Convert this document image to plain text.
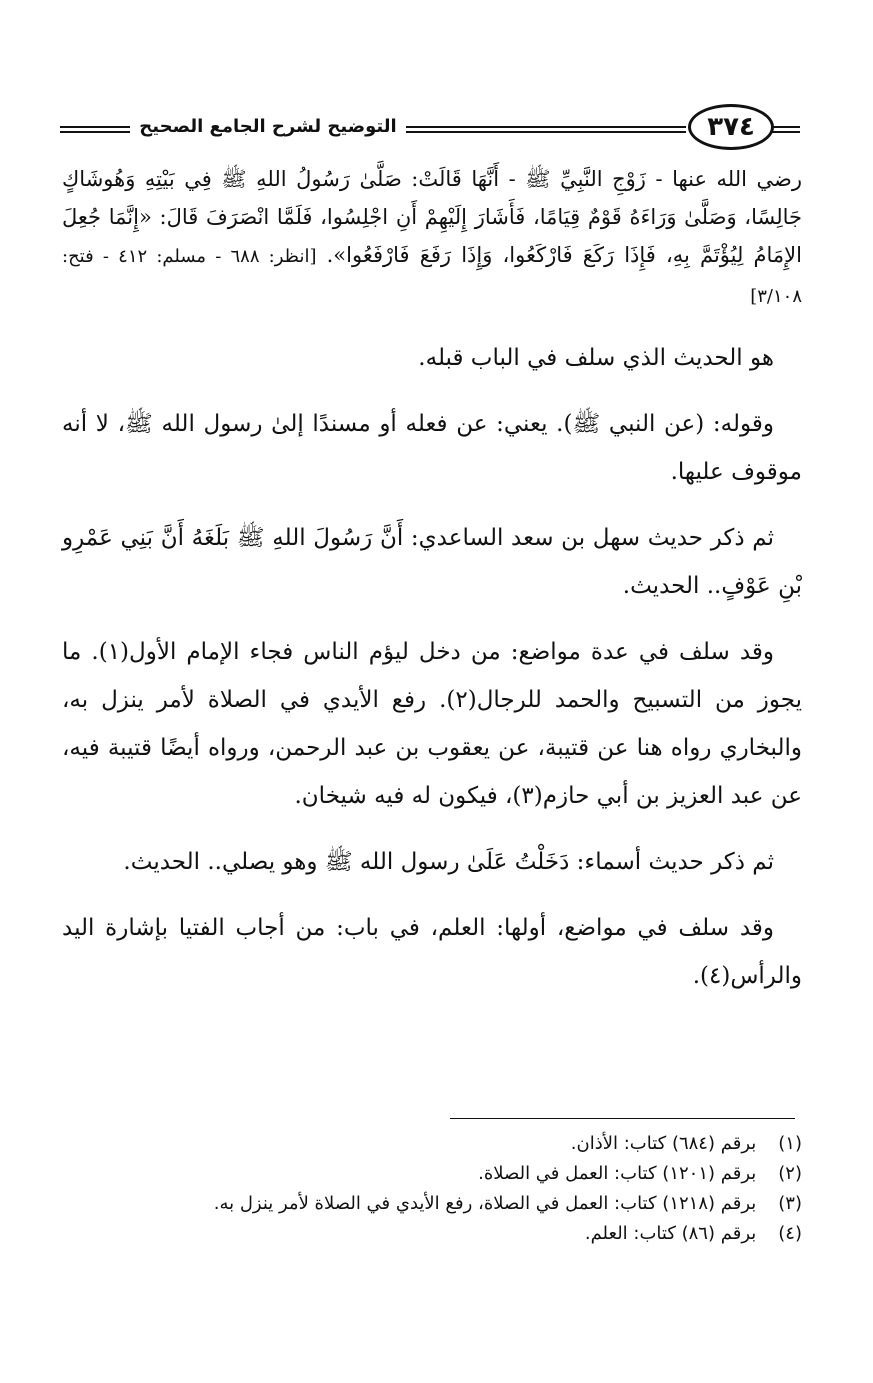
التوضيح لشرح الجامع الصحيح	٣٧٤

رضي الله عنها - زَوْجِ النَّبِيِّ ﷺ - أَنَّهَا قَالَتْ: صَلَّىٰ رَسُولُ اللهِ ﷺ فِي بَيْتِهِ وَهُوشَاكٍ جَالِسًا، وَصَلَّىٰ وَرَاءَهُ قَوْمٌ قِيَامًا، فَأَشَارَ إِلَيْهِمْ أَنِ اجْلِسُوا، فَلَمَّا انْصَرَفَ قَالَ: «إِنَّمَا جُعِلَ الإِمَامُ لِيُؤْتَمَّ بِهِ، فَإِذَا رَكَعَ فَارْكَعُوا، وَإِذَا رَفَعَ فَارْفَعُوا». [انظر: ٦٨٨ - مسلم: ٤١٢ - فتح: ٣/١٠٨]

هو الحديث الذي سلف في الباب قبله.

وقوله: (عن النبي ﷺ). يعني: عن فعله أو مسندًا إلىٰ رسول الله ﷺ، لا أنه موقوف عليها.

ثم ذكر حديث سهل بن سعد الساعدي: أَنَّ رَسُولَ اللهِ ﷺ بَلَغَهُ أَنَّ بَنِي عَمْرِو بْنِ عَوْفٍ.. الحديث.

وقد سلف في عدة مواضع: من دخل ليؤم الناس فجاء الإمام الأول(١). ما يجوز من التسبيح والحمد للرجال(٢). رفع الأيدي في الصلاة لأمر ينزل به، والبخاري رواه هنا عن قتيبة، عن يعقوب بن عبد الرحمن، ورواه أيضًا قتيبة فيه، عن عبد العزيز بن أبي حازم(٣)، فيكون له فيه شيخان.

ثم ذكر حديث أسماء: دَخَلْتُ عَلَىٰ رسول الله ﷺ وهو يصلي.. الحديث.

وقد سلف في مواضع، أولها: العلم، في باب: من أجاب الفتيا بإشارة اليد والرأس(٤).

(١) برقم (٦٨٤) كتاب: الأذان.
(٢) برقم (١٢٠١) كتاب: العمل في الصلاة.
(٣) برقم (١٢١٨) كتاب: العمل في الصلاة، رفع الأيدي في الصلاة لأمر ينزل به.
(٤) برقم (٨٦) كتاب: العلم.
